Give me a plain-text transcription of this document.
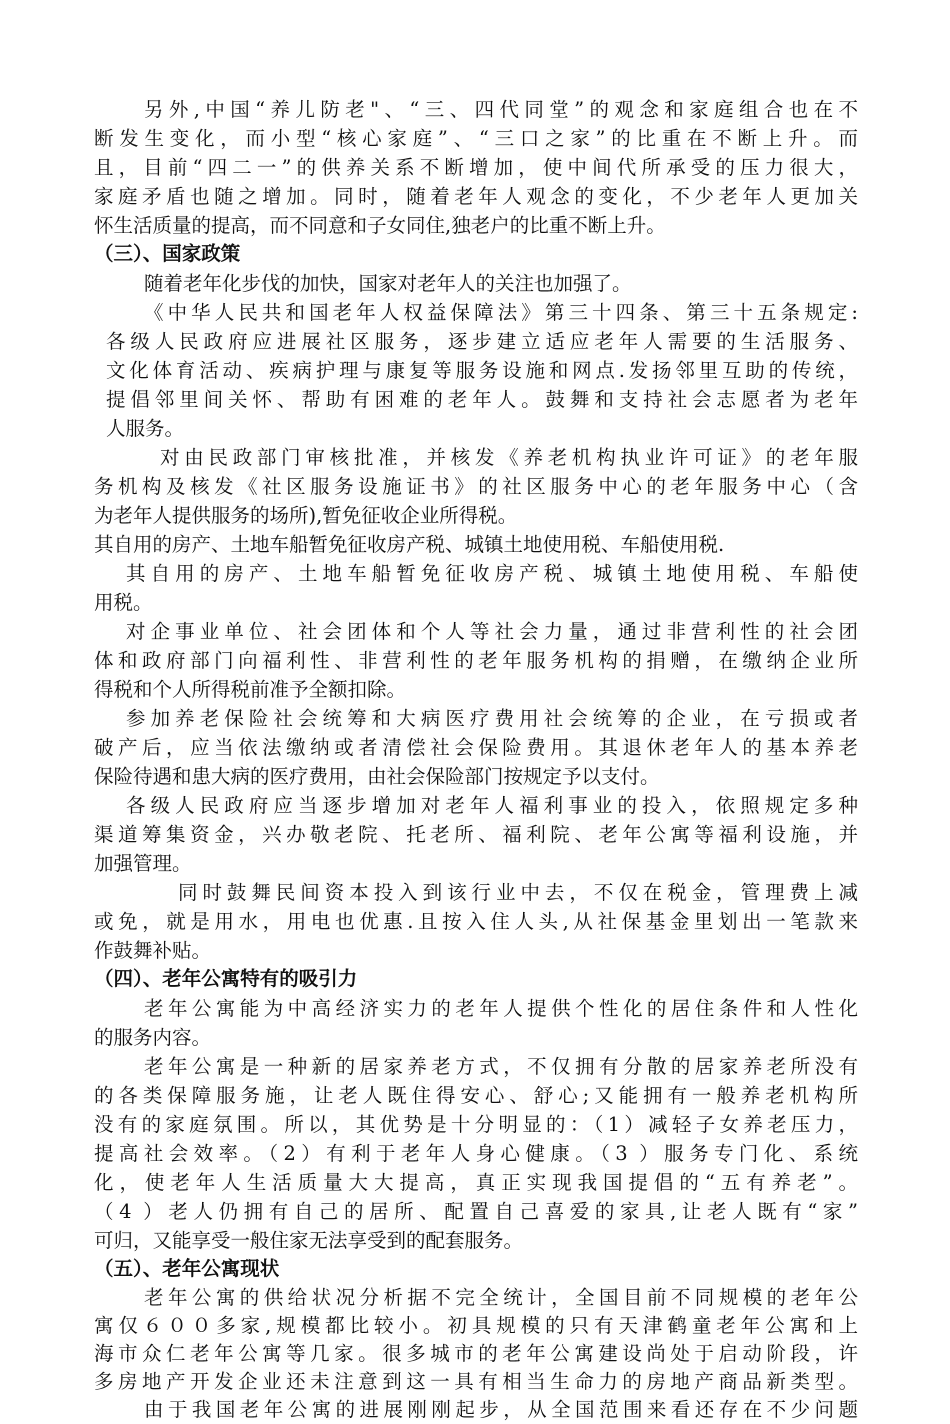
另外,中国“养儿防老"、“三、四代同堂”的观念和家庭组合也在不
断发生变化，而小型“核心家庭”、“三口之家”的比重在不断上升。而
且，目前“四二一”的供养关系不断增加，使中间代所承受的压力很大，
家庭矛盾也随之增加。同时，随着老年人观念的变化，不少老年人更加关
怀生活质量的提高，而不同意和子女同住,独老户的比重不断上升。
（三）、国家政策
随着老年化步伐的加快，国家对老年人的关注也加强了。
《中华人民共和国老年人权益保障法》第三十四条、第三十五条规定:
各级人民政府应进展社区服务，逐步建立适应老年人需要的生活服务、
文化体育活动、疾病护理与康复等服务设施和网点.发扬邻里互助的传统，
提倡邻里间关怀、帮助有困难的老年人。鼓舞和支持社会志愿者为老年
人服务。
对由民政部门审核批准，并核发《养老机构执业许可证》的老年服
务机构及核发《社区服务设施证书》的社区服务中心的老年服务中心（含
为老年人提供服务的场所),暂免征收企业所得税。
其自用的房产、土地车船暂免征收房产税、城镇土地使用税、车船使用税.
其自用的房产、土地车船暂免征收房产税、城镇土地使用税、车船使
用税。
对企事业单位、社会团体和个人等社会力量，通过非营利性的社会团
体和政府部门向福利性、非营利性的老年服务机构的捐赠，在缴纳企业所
得税和个人所得税前准予全额扣除。
参加养老保险社会统筹和大病医疗费用社会统筹的企业，在亏损或者
破产后，应当依法缴纳或者清偿社会保险费用。其退休老年人的基本养老
保险待遇和患大病的医疗费用，由社会保险部门按规定予以支付。
各级人民政府应当逐步增加对老年人福利事业的投入，依照规定多种
渠道筹集资金，兴办敬老院、托老所、福利院、老年公寓等福利设施，并
加强管理。
同时鼓舞民间资本投入到该行业中去，不仅在税金，管理费上减
或免，就是用水，用电也优惠.且按入住人头,从社保基金里划出一笔款来
作鼓舞补贴。
（四）、老年公寓特有的吸引力
老年公寓能为中高经济实力的老年人提供个性化的居住条件和人性化
的服务内容。
老年公寓是一种新的居家养老方式，不仅拥有分散的居家养老所没有
的各类保障服务施，让老人既住得安心、舒心;又能拥有一般养老机构所
没有的家庭氛围。所以，其优势是十分明显的：（1）减轻子女养老压力，
提高社会效率。（2）有利于老年人身心健康。（3 ）服务专门化、系统
化，使老年人生活质量大大提高，真正实现我国提倡的“五有养老”。
（4 ）老人仍拥有自己的居所、配置自己喜爱的家具,让老人既有“家”
可归，又能享受一般住家无法享受到的配套服务。
（五）、老年公寓现状
老年公寓的供给状况分析据不完全统计，全国目前不同规模的老年公
寓仅６００多家,规模都比较小。初具规模的只有天津鹤童老年公寓和上
海市众仁老年公寓等几家。很多城市的老年公寓建设尚处于启动阶段，许
多房地产开发企业还未注意到这一具有相当生命力的房地产商品新类型。
由于我国老年公寓的进展刚刚起步，从全国范围来看还存在不少问题
